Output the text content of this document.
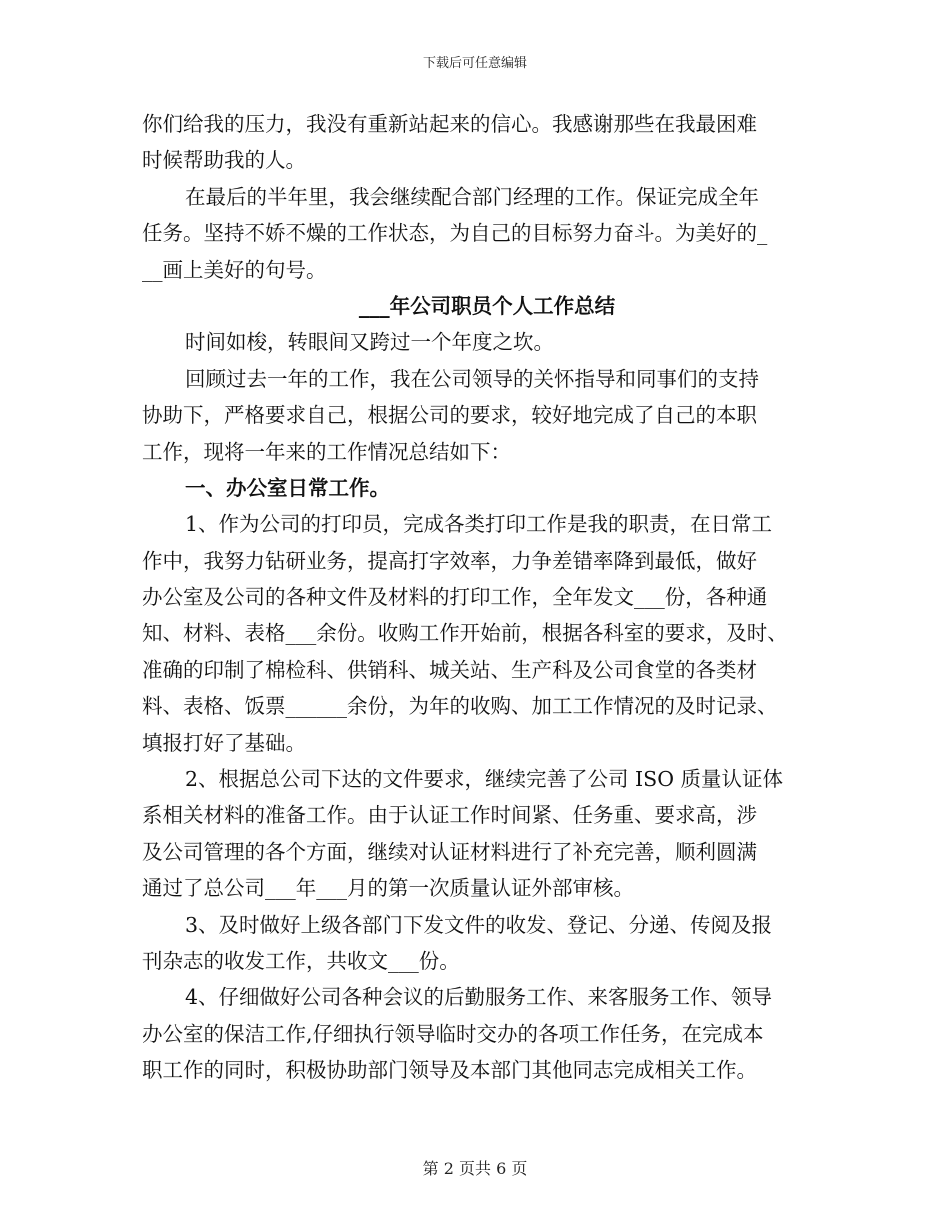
下载后可任意编辑
你们给我的压力，我没有重新站起来的信心。我感谢那些在我最困难
时候帮助我的人。
在最后的半年里，我会继续配合部门经理的工作。保证完成全年
任务。坚持不娇不燥的工作状态，为自己的目标努力奋斗。为美好的_
__画上美好的句号。
___年公司职员个人工作总结
时间如梭，转眼间又跨过一个年度之坎。
回顾过去一年的工作，我在公司领导的关怀指导和同事们的支持
协助下，严格要求自己，根据公司的要求，较好地完成了自己的本职
工作，现将一年来的工作情况总结如下：
一、办公室日常工作。
1、作为公司的打印员，完成各类打印工作是我的职责，在日常工
作中，我努力钻研业务，提高打字效率，力争差错率降到最低，做好
办公室及公司的各种文件及材料的打印工作，全年发文___份，各种通
知、材料、表格___余份。收购工作开始前，根据各科室的要求，及时、
准确的印制了棉检科、供销科、城关站、生产科及公司食堂的各类材
料、表格、饭票______余份，为年的收购、加工工作情况的及时记录、
填报打好了基础。
2、根据总公司下达的文件要求，继续完善了公司 ISO 质量认证体
系相关材料的准备工作。由于认证工作时间紧、任务重、要求高，涉
及公司管理的各个方面，继续对认证材料进行了补充完善，顺利圆满
通过了总公司___年___月的第一次质量认证外部审核。
3、及时做好上级各部门下发文件的收发、登记、分递、传阅及报
刊杂志的收发工作，共收文___份。
4、仔细做好公司各种会议的后勤服务工作、来客服务工作、领导
办公室的保洁工作,仔细执行领导临时交办的各项工作任务，在完成本
职工作的同时，积极协助部门领导及本部门其他同志完成相关工作。
第 2 页共 6 页
